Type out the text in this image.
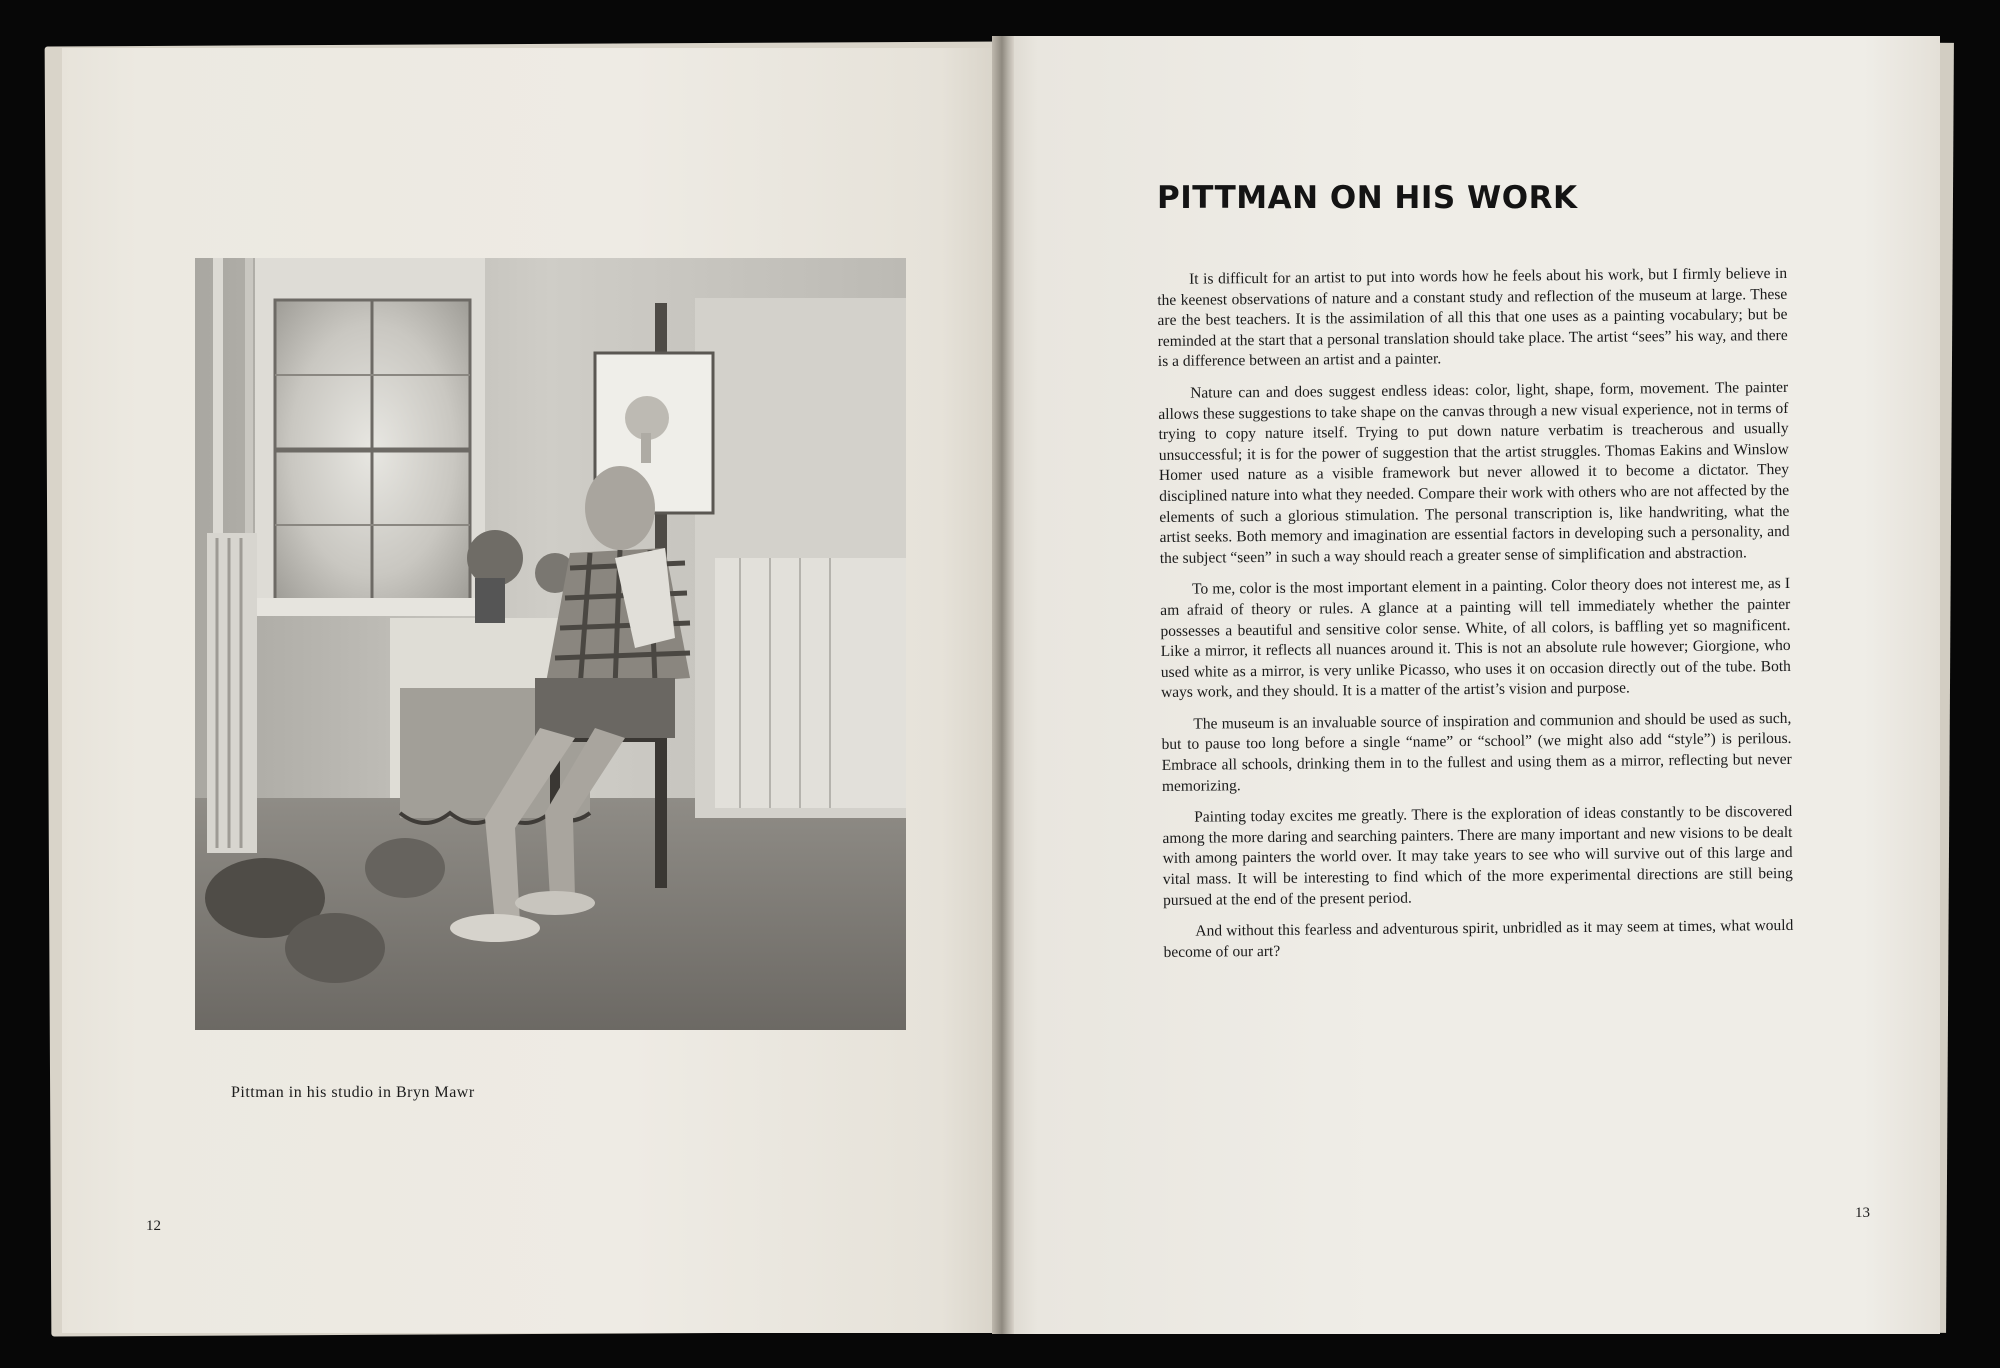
Pittman in his studio in Bryn Mawr
12
PITTMAN ON HIS WORK

It is difficult for an artist to put into words how he feels about his work, but I firmly believe in the keenest observations of nature and a constant study and reflection of the museum at large. These are the best teachers. It is the assimilation of all this that one uses as a painting vocabulary; but be reminded at the start that a personal translation should take place. The artist “sees” his way, and there is a difference between an artist and a painter.

Nature can and does suggest endless ideas: color, light, shape, form, movement. The painter allows these suggestions to take shape on the canvas through a new visual experience, not in terms of trying to copy nature itself. Trying to put down nature verbatim is treacherous and usually unsuccessful; it is for the power of suggestion that the artist struggles. Thomas Eakins and Winslow Homer used nature as a visible framework but never allowed it to become a dictator. They disciplined nature into what they needed. Compare their work with others who are not affected by the elements of such a glorious stimulation. The personal transcription is, like handwriting, what the artist seeks. Both memory and imagination are essential factors in developing such a personality, and the subject “seen” in such a way should reach a greater sense of simplification and abstraction.

To me, color is the most important element in a painting. Color theory does not interest me, as I am afraid of theory or rules. A glance at a painting will tell immediately whether the painter possesses a beautiful and sensitive color sense. White, of all colors, is baffling yet so magnificent. Like a mirror, it reflects all nuances around it. This is not an absolute rule however; Giorgione, who used white as a mirror, is very unlike Picasso, who uses it on occasion directly out of the tube. Both ways work, and they should. It is a matter of the artist’s vision and purpose.

The museum is an invaluable source of inspiration and communion and should be used as such, but to pause too long before a single “name” or “school” (we might also add “style”) is perilous. Embrace all schools, drinking them in to the fullest and using them as a mirror, reflecting but never memorizing.

Painting today excites me greatly. There is the exploration of ideas constantly to be discovered among the more daring and searching painters. There are many important and new visions to be dealt with among painters the world over. It may take years to see who will survive out of this large and vital mass. It will be interesting to find which of the more experimental directions are still being pursued at the end of the present period.

And without this fearless and adventurous spirit, unbridled as it may seem at times, what would become of our art?

13
